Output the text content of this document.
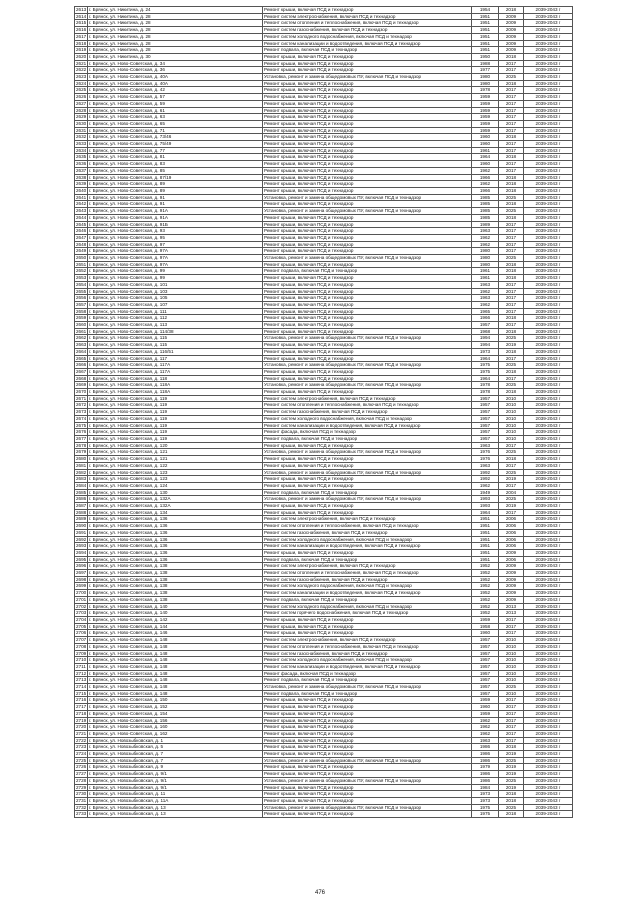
2613	г. Брянск, ул. Никитина, д. 24	Ремонт крыши, включая ПСД и технадзор	1954	2018	2039-2043 г
2614	г. Брянск, ул. Никитина, д. 28	Ремонт систем электроснабжения, включая ПСД и технадзор	1951	2009	2039-2043 г
2615	г. Брянск, ул. Никитина, д. 28	Ремонт систем отопления и теплоснабжения, включая ПСД и технадзор	1951	2009	2039-2043 г
2616	г. Брянск, ул. Никитина, д. 28	Ремонт систем газоснабжения, включая ПСД и технадзор	1951	2009	2039-2043 г
2617	г. Брянск, ул. Никитина, д. 28	Ремонт систем холодного водоснабжения, включая ПСД и технадзор	1951	2009	2039-2043 г
2618	г. Брянск, ул. Никитина, д. 28	Ремонт систем канализации и водоотведения, включая ПСД и технадзор	1951	2009	2039-2043 г
2619	г. Брянск, ул. Никитина, д. 28	Ремонт подвала, включая ПСД и технадзор	1951	2009	2039-2043 г
2620	г. Брянск, ул. Никитина, д. 30	Ремонт крыши, включая ПСД и технадзор	1950	2018	2039-2043 г
2621	г. Брянск, ул. Ново-Советская, д. 34	Ремонт крыши, включая ПСД и технадзор	1988	2017	2039-2043 г
2622	г. Брянск, ул. Ново-Советская, д. 36	Ремонт крыши, включая ПСД и технадзор	1977	2017	2039-2043 г
2623	г. Брянск, ул. Ново-Советская, д. 40А	Установка, ремонт и замена общедомовых ПУ, включая ПСД и технадзор	1980	2025	2039-2043 г
2624	г. Брянск, ул. Ново-Советская, д. 40А	Ремонт крыши, включая ПСД и технадзор	1980	2018	2039-2043 г
2625	г. Брянск, ул. Ново-Советская, д. 42	Ремонт крыши, включая ПСД и технадзор	1978	2017	2039-2043 г
2626	г. Брянск, ул. Ново-Советская, д. 57	Ремонт крыши, включая ПСД и технадзор	1959	2017	2039-2043 г
2627	г. Брянск, ул. Ново-Советская, д. 59	Ремонт крыши, включая ПСД и технадзор	1959	2017	2039-2043 г
2628	г. Брянск, ул. Ново-Советская, д. 61	Ремонт крыши, включая ПСД и технадзор	1959	2017	2039-2043 г
2629	г. Брянск, ул. Ново-Советская, д. 63	Ремонт крыши, включая ПСД и технадзор	1959	2017	2039-2043 г
2630	г. Брянск, ул. Ново-Советская, д. 65	Ремонт крыши, включая ПСД и технадзор	1959	2017	2039-2043 г
2631	г. Брянск, ул. Ново-Советская, д. 71	Ремонт крыши, включая ПСД и технадзор	1959	2017	2039-2043 г
2632	г. Брянск, ул. Ново-Советская, д. 73/46	Ремонт крыши, включая ПСД и технадзор	1960	2018	2039-2043 г
2633	г. Брянск, ул. Ново-Советская, д. 75/49	Ремонт крыши, включая ПСД и технадзор	1960	2017	2039-2043 г
2634	г. Брянск, ул. Ново-Советская, д. 77	Ремонт крыши, включая ПСД и технадзор	1961	2017	2039-2043 г
2635	г. Брянск, ул. Ново-Советская, д. 81	Ремонт крыши, включая ПСД и технадзор	1964	2018	2039-2043 г
2636	г. Брянск, ул. Ново-Советская, д. 83	Ремонт крыши, включая ПСД и технадзор	1960	2017	2039-2043 г
2637	г. Брянск, ул. Ново-Советская, д. 85	Ремонт крыши, включая ПСД и технадзор	1962	2017	2039-2043 г
2638	г. Брянск, ул. Ново-Советская, д. 87/19	Ремонт крыши, включая ПСД и технадзор	1966	2018	2039-2043 г
2639	г. Брянск, ул. Ново-Советская, д. 89	Ремонт крыши, включая ПСД и технадзор	1962	2018	2039-2043 г
2640	г. Брянск, ул. Ново-Советская, д. 89	Ремонт крыши, включая ПСД и технадзор	1966	2018	2039-2043 г
2641	г. Брянск, ул. Ново-Советская, д. 91	Установка, ремонт и замена общедомовых ПУ, включая ПСД и технадзор	1985	2025	2039-2043 г
2642	г. Брянск, ул. Ново-Советская, д. 91	Ремонт крыши, включая ПСД и технадзор	1985	2018	2039-2043 г
2643	г. Брянск, ул. Ново-Советская, д. 91А	Установка, ремонт и замена общедомовых ПУ, включая ПСД и технадзор	1985	2025	2039-2043 г
2644	г. Брянск, ул. Ново-Советская, д. 91А	Ремонт крыши, включая ПСД и технадзор	1985	2018	2039-2043 г
2645	г. Брянск, ул. Ново-Советская, д. 91Б	Ремонт крыши, включая ПСД и технадзор	1989	2017	2039-2043 г
2646	г. Брянск, ул. Ново-Советская, д. 93	Ремонт крыши, включая ПСД и технадзор	1963	2017	2039-2043 г
2647	г. Брянск, ул. Ново-Советская, д. 95	Ремонт крыши, включая ПСД и технадзор	1962	2017	2039-2043 г
2648	г. Брянск, ул. Ново-Советская, д. 97	Ремонт крыши, включая ПСД и технадзор	1962	2017	2039-2043 г
2649	г. Брянск, ул. Ново-Советская, д. 97А	Ремонт крыши, включая ПСД и технадзор	1980	2017	2039-2043 г
2650	г. Брянск, ул. Ново-Советская, д. 97А	Установка, ремонт и замена общедомовых ПУ, включая ПСД и технадзор	1980	2025	2039-2043 г
2651	г. Брянск, ул. Ново-Советская, д. 97А	Ремонт крыши, включая ПСД и технадзор	1980	2018	2039-2043 г
2652	г. Брянск, ул. Ново-Советская, д. 99	Ремонт подвала, включая ПСД и технадзор	1961	2018	2039-2043 г
2653	г. Брянск, ул. Ново-Советская, д. 99	Ремонт крыши, включая ПСД и технадзор	1961	2018	2039-2043 г
2654	г. Брянск, ул. Ново-Советская, д. 101	Ремонт крыши, включая ПСД и технадзор	1963	2017	2039-2043 г
2655	г. Брянск, ул. Ново-Советская, д. 103	Ремонт крыши, включая ПСД и технадзор	1962	2017	2039-2043 г
2656	г. Брянск, ул. Ново-Советская, д. 105	Ремонт крыши, включая ПСД и технадзор	1963	2017	2039-2043 г
2657	г. Брянск, ул. Ново-Советская, д. 107	Ремонт крыши, включая ПСД и технадзор	1962	2017	2039-2043 г
2658	г. Брянск, ул. Ново-Советская, д. 111	Ремонт крыши, включая ПСД и технадзор	1965	2017	2039-2043 г
2659	г. Брянск, ул. Ново-Советская, д. 112	Ремонт крыши, включая ПСД и технадзор	1966	2018	2039-2043 г
2660	г. Брянск, ул. Ново-Советская, д. 113	Ремонт крыши, включая ПСД и технадзор	1957	2017	2039-2043 г
2661	г. Брянск, ул. Ново-Советская, д. 114/38	Ремонт крыши, включая ПСД и технадзор	1968	2018	2039-2043 г
2662	г. Брянск, ул. Ново-Советская, д. 115	Установка, ремонт и замена общедомовых ПУ, включая ПСД и технадзор	1994	2025	2039-2043 г
2663	г. Брянск, ул. Ново-Советская, д. 115	Ремонт крыши, включая ПСД и технадзор	1994	2019	2039-2043 г
2664	г. Брянск, ул. Ново-Советская, д. 116/51	Ремонт крыши, включая ПСД и технадзор	1973	2018	2039-2043 г
2665	г. Брянск, ул. Ново-Советская, д. 117	Ремонт крыши, включая ПСД и технадзор	1964	2017	2039-2043 г
2666	г. Брянск, ул. Ново-Советская, д. 117А	Установка, ремонт и замена общедомовых ПУ, включая ПСД и технадзор	1975	2025	2039-2043 г
2667	г. Брянск, ул. Ново-Советская, д. 117А	Ремонт крыши, включая ПСД и технадзор	1975	2018	2039-2043 г
2668	г. Брянск, ул. Ново-Советская, д. 118	Ремонт крыши, включая ПСД и технадзор	1964	2017	2039-2043 г
2669	г. Брянск, ул. Ново-Советская, д. 118А	Установка, ремонт и замена общедомовых ПУ, включая ПСД и технадзор	1978	2025	2039-2043 г
2670	г. Брянск, ул. Ново-Советская, д. 118А	Ремонт крыши, включая ПСД и технадзор	1978	2018	2039-2043 г
2671	г. Брянск, ул. Ново-Советская, д. 119	Ремонт систем электроснабжения, включая ПСД и технадзор	1957	2010	2039-2043 г
2672	г. Брянск, ул. Ново-Советская, д. 119	Ремонт систем отопления и теплоснабжения, включая ПСД и технадзор	1957	2010	2039-2043 г
2673	г. Брянск, ул. Ново-Советская, д. 119	Ремонт систем газоснабжения, включая ПСД и технадзор	1957	2010	2039-2043 г
2674	г. Брянск, ул. Ново-Советская, д. 119	Ремонт систем холодного водоснабжения, включая ПСД и технадзор	1957	2010	2039-2043 г
2675	г. Брянск, ул. Ново-Советская, д. 119	Ремонт систем канализации и водоотведения, включая ПСД и технадзор	1957	2010	2039-2043 г
2676	г. Брянск, ул. Ново-Советская, д. 119	Ремонт фасада, включая ПСД и технадзор	1957	2010	2039-2043 г
2677	г. Брянск, ул. Ново-Советская, д. 119	Ремонт подвала, включая ПСД и технадзор	1957	2010	2039-2043 г
2678	г. Брянск, ул. Ново-Советская, д. 120	Ремонт крыши, включая ПСД и технадзор	1963	2017	2039-2043 г
2679	г. Брянск, ул. Ново-Советская, д. 121	Установка, ремонт и замена общедомовых ПУ, включая ПСД и технадзор	1976	2025	2039-2043 г
2680	г. Брянск, ул. Ново-Советская, д. 121	Ремонт крыши, включая ПСД и технадзор	1976	2018	2039-2043 г
2681	г. Брянск, ул. Ново-Советская, д. 122	Ремонт крыши, включая ПСД и технадзор	1963	2017	2039-2043 г
2682	г. Брянск, ул. Ново-Советская, д. 123	Установка, ремонт и замена общедомовых ПУ, включая ПСД и технадзор	1992	2025	2039-2043 г
2683	г. Брянск, ул. Ново-Советская, д. 123	Ремонт крыши, включая ПСД и технадзор	1992	2019	2039-2043 г
2684	г. Брянск, ул. Ново-Советская, д. 124	Ремонт крыши, включая ПСД и технадзор	1962	2017	2039-2043 г
2685	г. Брянск, ул. Ново-Советская, д. 130	Ремонт подвала, включая ПСД и технадзор	1949	2004	2039-2043 г
2686	г. Брянск, ул. Ново-Советская, д. 132А	Установка, ремонт и замена общедомовых ПУ, включая ПСД и технадзор	1993	2025	2039-2043 г
2687	г. Брянск, ул. Ново-Советская, д. 132А	Ремонт крыши, включая ПСД и технадзор	1993	2019	2039-2043 г
2688	г. Брянск, ул. Ново-Советская, д. 134	Ремонт крыши, включая ПСД и технадзор	1964	2017	2039-2043 г
2689	г. Брянск, ул. Ново-Советская, д. 136	Ремонт систем электроснабжения, включая ПСД и технадзор	1951	2006	2039-2043 г
2690	г. Брянск, ул. Ново-Советская, д. 136	Ремонт систем отопления и теплоснабжения, включая ПСД и технадзор	1951	2006	2039-2043 г
2691	г. Брянск, ул. Ново-Советская, д. 136	Ремонт систем газоснабжения, включая ПСД и технадзор	1951	2006	2039-2043 г
2692	г. Брянск, ул. Ново-Советская, д. 136	Ремонт систем холодного водоснабжения, включая ПСД и технадзор	1951	2006	2039-2043 г
2693	г. Брянск, ул. Ново-Советская, д. 136	Ремонт систем канализации и водоотведения, включая ПСД и технадзор	1951	2006	2039-2043 г
2694	г. Брянск, ул. Ново-Советская, д. 136	Ремонт крыши, включая ПСД и технадзор	1951	2009	2039-2043 г
2695	г. Брянск, ул. Ново-Советская, д. 136	Ремонт подвала, включая ПСД и технадзор	1951	2006	2039-2043 г
2696	г. Брянск, ул. Ново-Советская, д. 138	Ремонт систем электроснабжения, включая ПСД и технадзор	1952	2009	2039-2043 г
2697	г. Брянск, ул. Ново-Советская, д. 138	Ремонт систем отопления и теплоснабжения, включая ПСД и технадзор	1952	2009	2039-2043 г
2698	г. Брянск, ул. Ново-Советская, д. 138	Ремонт систем газоснабжения, включая ПСД и технадзор	1952	2009	2039-2043 г
2699	г. Брянск, ул. Ново-Советская, д. 138	Ремонт систем холодного водоснабжения, включая ПСД и технадзор	1952	2009	2039-2043 г
2700	г. Брянск, ул. Ново-Советская, д. 138	Ремонт систем канализации и водоотведения, включая ПСД и технадзор	1952	2009	2039-2043 г
2701	г. Брянск, ул. Ново-Советская, д. 138	Ремонт подвала, включая ПСД и технадзор	1952	2009	2039-2043 г
2702	г. Брянск, ул. Ново-Советская, д. 140	Ремонт систем холодного водоснабжения, включая ПСД и технадзор	1952	2013	2039-2043 г
2703	г. Брянск, ул. Ново-Советская, д. 140	Ремонт систем горячего водоснабжения, включая ПСД и технадзор	1952	2013	2039-2043 г
2704	г. Брянск, ул. Ново-Советская, д. 142	Ремонт крыши, включая ПСД и технадзор	1959	2017	2039-2043 г
2705	г. Брянск, ул. Ново-Советская, д. 144	Ремонт крыши, включая ПСД и технадзор	1958	2017	2039-2043 г
2706	г. Брянск, ул. Ново-Советская, д. 146	Ремонт крыши, включая ПСД и технадзор	1960	2017	2039-2043 г
2707	г. Брянск, ул. Ново-Советская, д. 148	Ремонт систем электроснабжения, включая ПСД и технадзор	1957	2010	2039-2043 г
2708	г. Брянск, ул. Ново-Советская, д. 148	Ремонт систем отопления и теплоснабжения, включая ПСД и технадзор	1957	2010	2039-2043 г
2709	г. Брянск, ул. Ново-Советская, д. 148	Ремонт систем газоснабжения, включая ПСД и технадзор	1957	2010	2039-2043 г
2710	г. Брянск, ул. Ново-Советская, д. 148	Ремонт систем холодного водоснабжения, включая ПСД и технадзор	1957	2010	2039-2043 г
2711	г. Брянск, ул. Ново-Советская, д. 148	Ремонт систем канализации и водоотведения, включая ПСД и технадзор	1957	2010	2039-2043 г
2712	г. Брянск, ул. Ново-Советская, д. 148	Ремонт фасада, включая ПСД и технадзор	1957	2010	2039-2043 г
2713	г. Брянск, ул. Ново-Советская, д. 148	Ремонт подвала, включая ПСД и технадзор	1957	2010	2039-2043 г
2714	г. Брянск, ул. Ново-Советская, д. 148	Установка, ремонт и замена общедомовых ПУ, включая ПСД и технадзор	1957	2025	2039-2043 г
2715	г. Брянск, ул. Ново-Советская, д. 148	Ремонт подвала, включая ПСД и технадзор	1957	2010	2039-2043 г
2716	г. Брянск, ул. Ново-Советская, д. 150	Ремонт крыши, включая ПСД и технадзор	1959	2017	2039-2043 г
2717	г. Брянск, ул. Ново-Советская, д. 152	Ремонт крыши, включая ПСД и технадзор	1960	2017	2039-2043 г
2718	г. Брянск, ул. Ново-Советская, д. 154	Ремонт крыши, включая ПСД и технадзор	1959	2017	2039-2043 г
2719	г. Брянск, ул. Ново-Советская, д. 156	Ремонт крыши, включая ПСД и технадзор	1962	2017	2039-2043 г
2720	г. Брянск, ул. Ново-Советская, д. 160	Ремонт крыши, включая ПСД и технадзор	1962	2017	2039-2043 г
2721	г. Брянск, ул. Ново-Советская, д. 162	Ремонт крыши, включая ПСД и технадзор	1962	2017	2039-2043 г
2722	г. Брянск, ул. Новозыбковская, д. 1	Ремонт крыши, включая ПСД и технадзор	1963	2017	2039-2043 г
2723	г. Брянск, ул. Новозыбковская, д. 5	Ремонт крыши, включая ПСД и технадзор	1986	2018	2039-2043 г
2724	г. Брянск, ул. Новозыбковская, д. 7	Ремонт крыши, включая ПСД и технадзор	1986	2019	2039-2043 г
2725	г. Брянск, ул. Новозыбковская, д. 7	Установка, ремонт и замена общедомовых ПУ, включая ПСД и технадзор	1986	2025	2039-2043 г
2726	г. Брянск, ул. Новозыбковская, д. 9	Ремонт крыши, включая ПСД и технадзор	1979	2019	2039-2043 г
2727	г. Брянск, ул. Новозыбковская, д. 9/1	Ремонт крыши, включая ПСД и технадзор	1986	2019	2039-2043 г
2728	г. Брянск, ул. Новозыбковская, д. 9/1	Установка, ремонт и замена общедомовых ПУ, включая ПСД и технадзор	1986	2025	2039-2043 г
2729	г. Брянск, ул. Новозыбковская, д. 9/1	Ремонт крыши, включая ПСД и технадзор	1984	2019	2039-2043 г
2730	г. Брянск, ул. Новозыбковская, д. 11	Ремонт крыши, включая ПСД и технадзор	1973	2018	2039-2043 г
2731	г. Брянск, ул. Новозыбковская, д. 11А	Ремонт крыши, включая ПСД и технадзор	1973	2018	2039-2043 г
2732	г. Брянск, ул. Новозыбковская, д. 13	Установка, ремонт и замена общедомовых ПУ, включая ПСД и технадзор	1975	2025	2039-2043 г
2733	г. Брянск, ул. Новозыбковская, д. 13	Ремонт крыши, включая ПСД и технадзор	1975	2018	2039-2043 г
476
